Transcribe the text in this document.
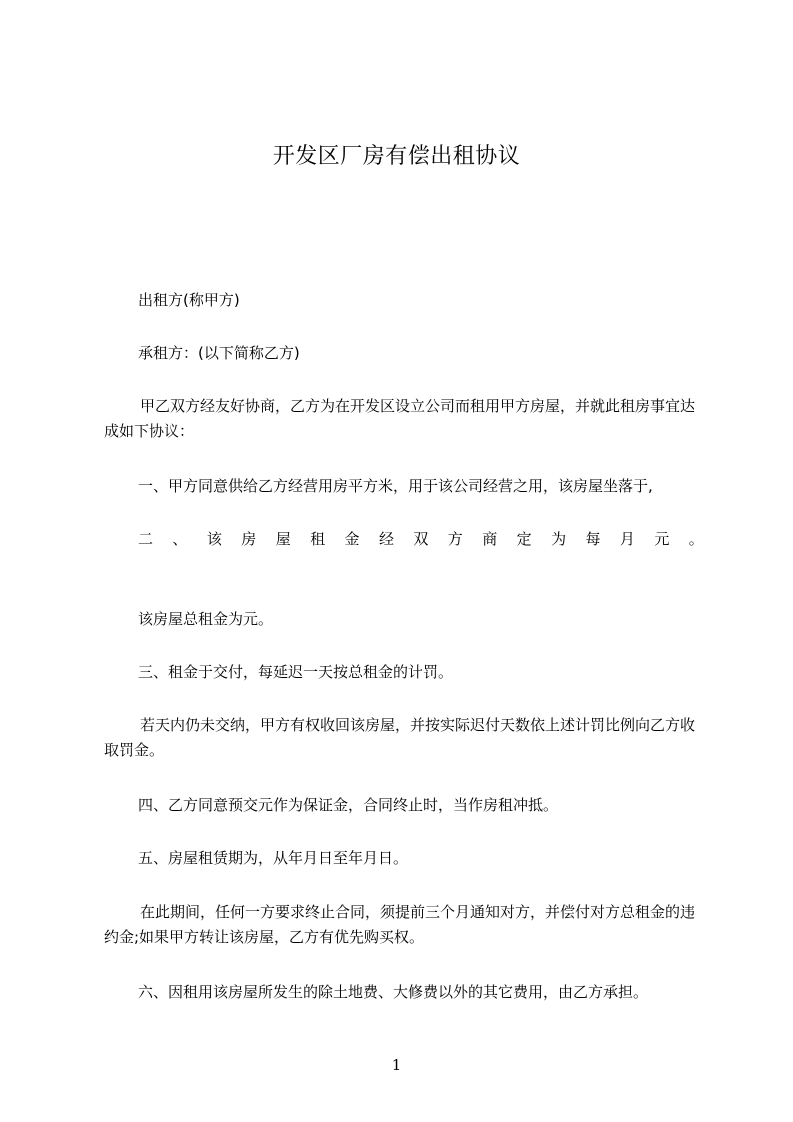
开发区厂房有偿出租协议

出租方(称甲方)

承租方：(以下简称乙方)

甲乙双方经友好协商，乙方为在开发区设立公司而租用甲方房屋，并就此租房事宜达成如下协议：

一、甲方同意供给乙方经营用房平方米，用于该公司经营之用，该房屋坐落于,

二 、 该 房 屋 租 金 经 双 方 商 定 为 每 月 元 。

该房屋总租金为元。

三、租金于交付，每延迟一天按总租金的计罚。

若天内仍未交纳，甲方有权收回该房屋，并按实际迟付天数依上述计罚比例向乙方收取罚金。

四、乙方同意预交元作为保证金，合同终止时，当作房租冲抵。

五、房屋租赁期为，从年月日至年月日。

在此期间，任何一方要求终止合同，须提前三个月通知对方，并偿付对方总租金的违约金;如果甲方转让该房屋，乙方有优先购买权。

六、因租用该房屋所发生的除土地费、大修费以外的其它费用，由乙方承担。

1
